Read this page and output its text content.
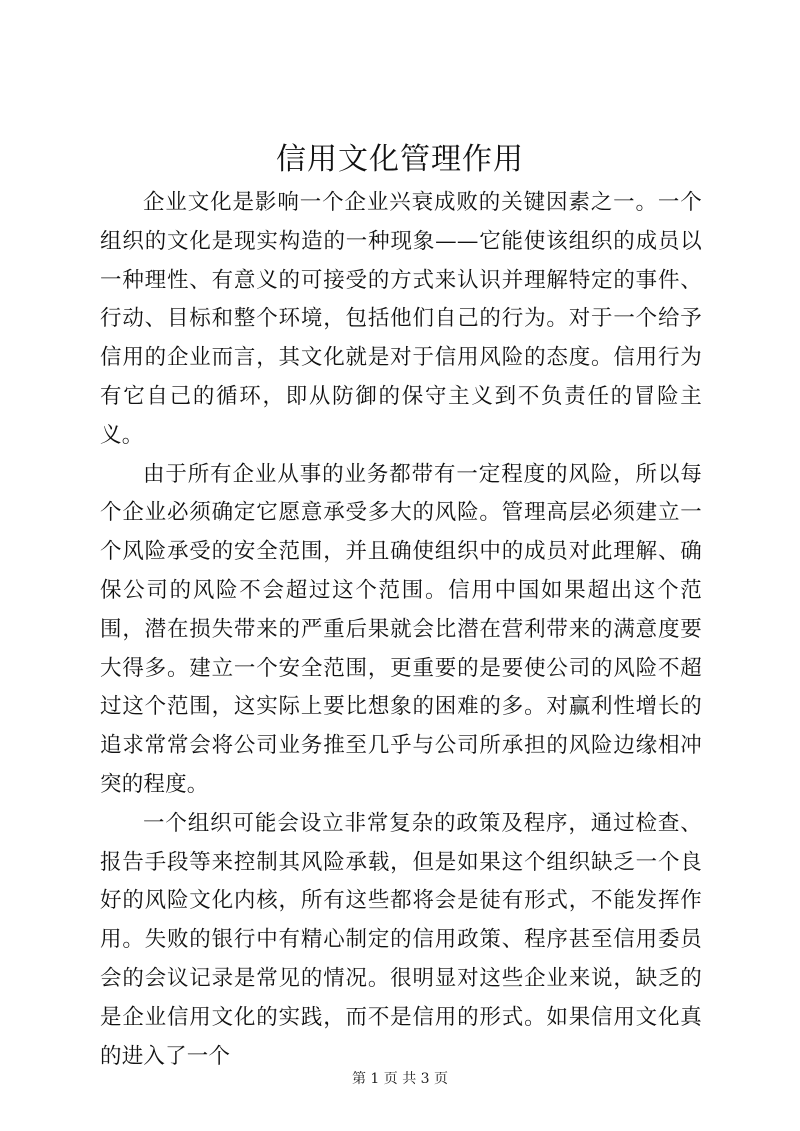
信用文化管理作用

企业文化是影响一个企业兴衰成败的关键因素之一。一个组织的文化是现实构造的一种现象——它能使该组织的成员以一种理性、有意义的可接受的方式来认识并理解特定的事件、行动、目标和整个环境，包括他们自己的行为。对于一个给予信用的企业而言，其文化就是对于信用风险的态度。信用行为有它自己的循环，即从防御的保守主义到不负责任的冒险主义。

由于所有企业从事的业务都带有一定程度的风险，所以每个企业必须确定它愿意承受多大的风险。管理高层必须建立一个风险承受的安全范围，并且确使组织中的成员对此理解、确保公司的风险不会超过这个范围。信用中国如果超出这个范围，潜在损失带来的严重后果就会比潜在营利带来的满意度要大得多。建立一个安全范围，更重要的是要使公司的风险不超过这个范围，这实际上要比想象的困难的多。对赢利性增长的追求常常会将公司业务推至几乎与公司所承担的风险边缘相冲突的程度。

一个组织可能会设立非常复杂的政策及程序，通过检查、报告手段等来控制其风险承载，但是如果这个组织缺乏一个良好的风险文化内核，所有这些都将会是徒有形式，不能发挥作用。失败的银行中有精心制定的信用政策、程序甚至信用委员会的会议记录是常见的情况。很明显对这些企业来说，缺乏的是企业信用文化的实践，而不是信用的形式。如果信用文化真的进入了一个

第 1 页 共 3 页
